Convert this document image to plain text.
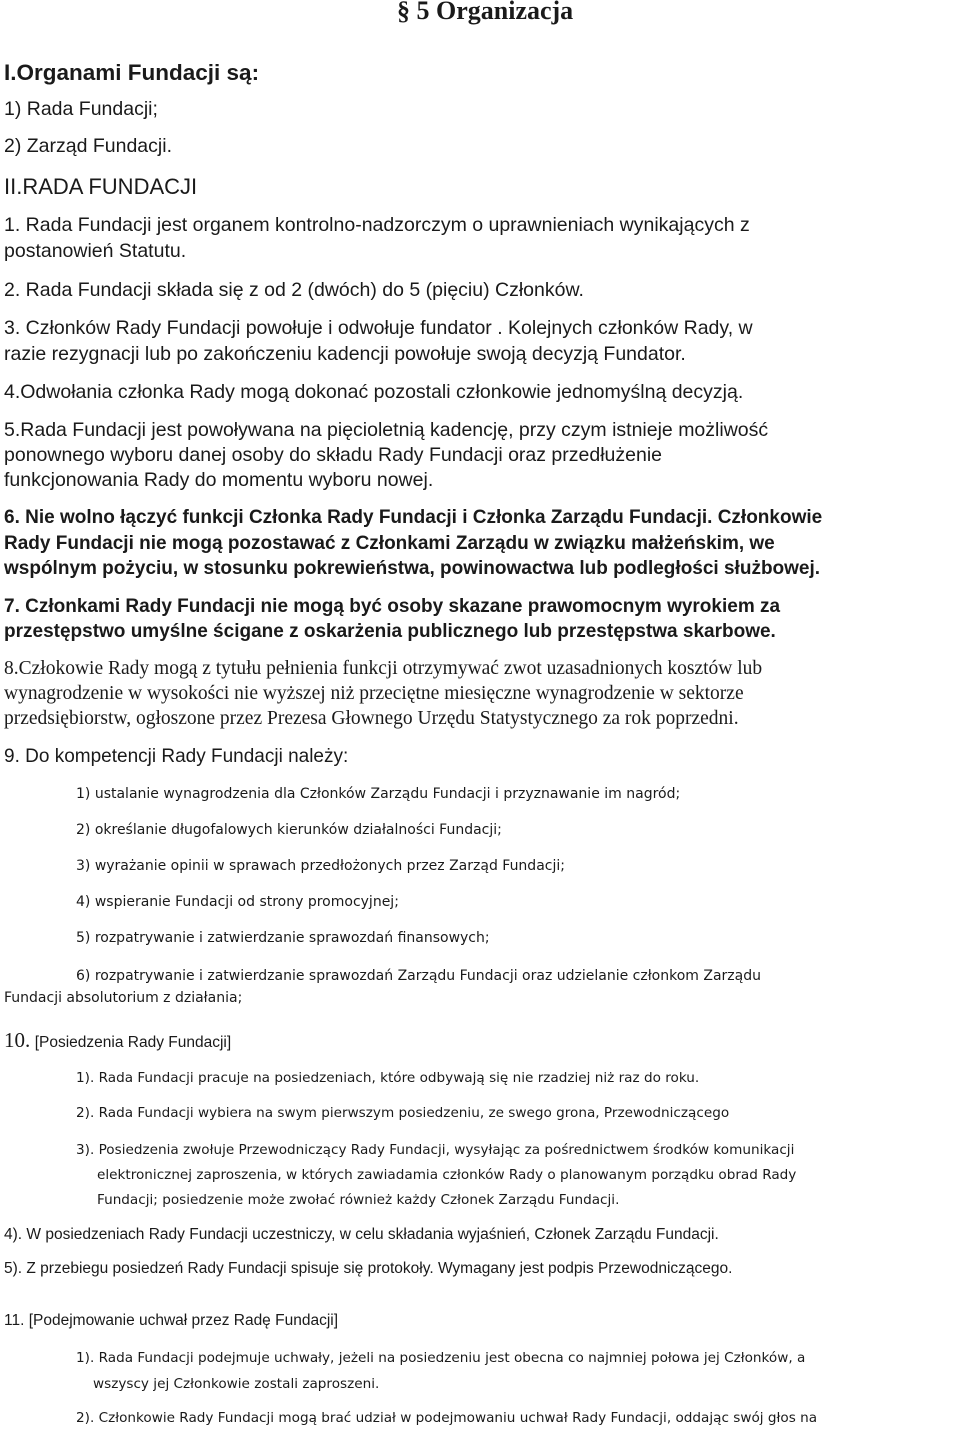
§ 5 Organizacja
I.Organami Fundacji są:
1) Rada Fundacji;
2) Zarząd Fundacji.
II.RADA FUNDACJI
1. Rada Fundacji jest organem kontrolno-nadzorczym o uprawnieniach wynikających z
postanowień Statutu.
2. Rada Fundacji składa się z od 2 (dwóch) do 5 (pięciu) Członków.
3. Członków Rady Fundacji powołuje i odwołuje fundator . Kolejnych członków Rady, w
razie rezygnacji lub po zakończeniu kadencji powołuje swoją decyzją Fundator.
4.Odwołania członka Rady mogą dokonać pozostali członkowie jednomyślną decyzją.
5.Rada Fundacji jest powoływana na pięcioletnią kadencję, przy czym istnieje możliwość
ponownego wyboru danej osoby do składu Rady Fundacji oraz przedłużenie
funkcjonowania Rady do momentu wyboru nowej.
6. Nie wolno łączyć funkcji Członka Rady Fundacji i Członka Zarządu Fundacji. Członkowie
Rady Fundacji nie mogą pozostawać z Członkami Zarządu w związku małżeńskim, we
wspólnym pożyciu, w stosunku pokrewieństwa, powinowactwa lub podległości służbowej.
7. Członkami Rady Fundacji nie mogą być osoby skazane prawomocnym wyrokiem za
przestępstwo umyślne ścigane z oskarżenia publicznego lub przestępstwa skarbowe.
8.Człokowie Rady mogą z tytułu pełnienia funkcji otrzymywać zwot uzasadnionych kosztów lub
wynagrodzenie w wysokości nie wyższej niż przeciętne miesięczne wynagrodzenie w sektorze
przedsiębiorstw, ogłoszone przez Prezesa Głownego Urzędu Statystycznego za rok poprzedni.
9. Do kompetencji Rady Fundacji należy:
1) ustalanie wynagrodzenia dla Członków Zarządu Fundacji i przyznawanie im nagród;
2) określanie długofalowych kierunków działalności Fundacji;
3) wyrażanie opinii w sprawach przedłożonych przez Zarząd Fundacji;
4) wspieranie Fundacji od strony promocyjnej;
5) rozpatrywanie i zatwierdzanie sprawozdań finansowych;
6) rozpatrywanie i zatwierdzanie sprawozdań Zarządu Fundacji oraz udzielanie członkom Zarządu
Fundacji absolutorium z działania;
10. [Posiedzenia Rady Fundacji]
1). Rada Fundacji pracuje na posiedzeniach, które odbywają się nie rzadziej niż raz do roku.
2). Rada Fundacji wybiera na swym pierwszym posiedzeniu, ze swego grona, Przewodniczącego
3). Posiedzenia zwołuje Przewodniczący Rady Fundacji, wysyłając za pośrednictwem środków komunikacji
elektronicznej zaproszenia, w których zawiadamia członków Rady o planowanym porządku obrad Rady
Fundacji; posiedzenie może zwołać również każdy Członek Zarządu Fundacji.
4). W posiedzeniach Rady Fundacji uczestniczy, w celu składania wyjaśnień, Członek Zarządu Fundacji.
5). Z przebiegu posiedzeń Rady Fundacji spisuje się protokoły. Wymagany jest podpis Przewodniczącego.
11. [Podejmowanie uchwał przez Radę Fundacji]
1). Rada Fundacji podejmuje uchwały, jeżeli na posiedzeniu jest obecna co najmniej połowa jej Członków, a
wszyscy jej Członkowie zostali zaproszeni.
2). Członkowie Rady Fundacji mogą brać udział w podejmowaniu uchwał Rady Fundacji, oddając swój głos na
